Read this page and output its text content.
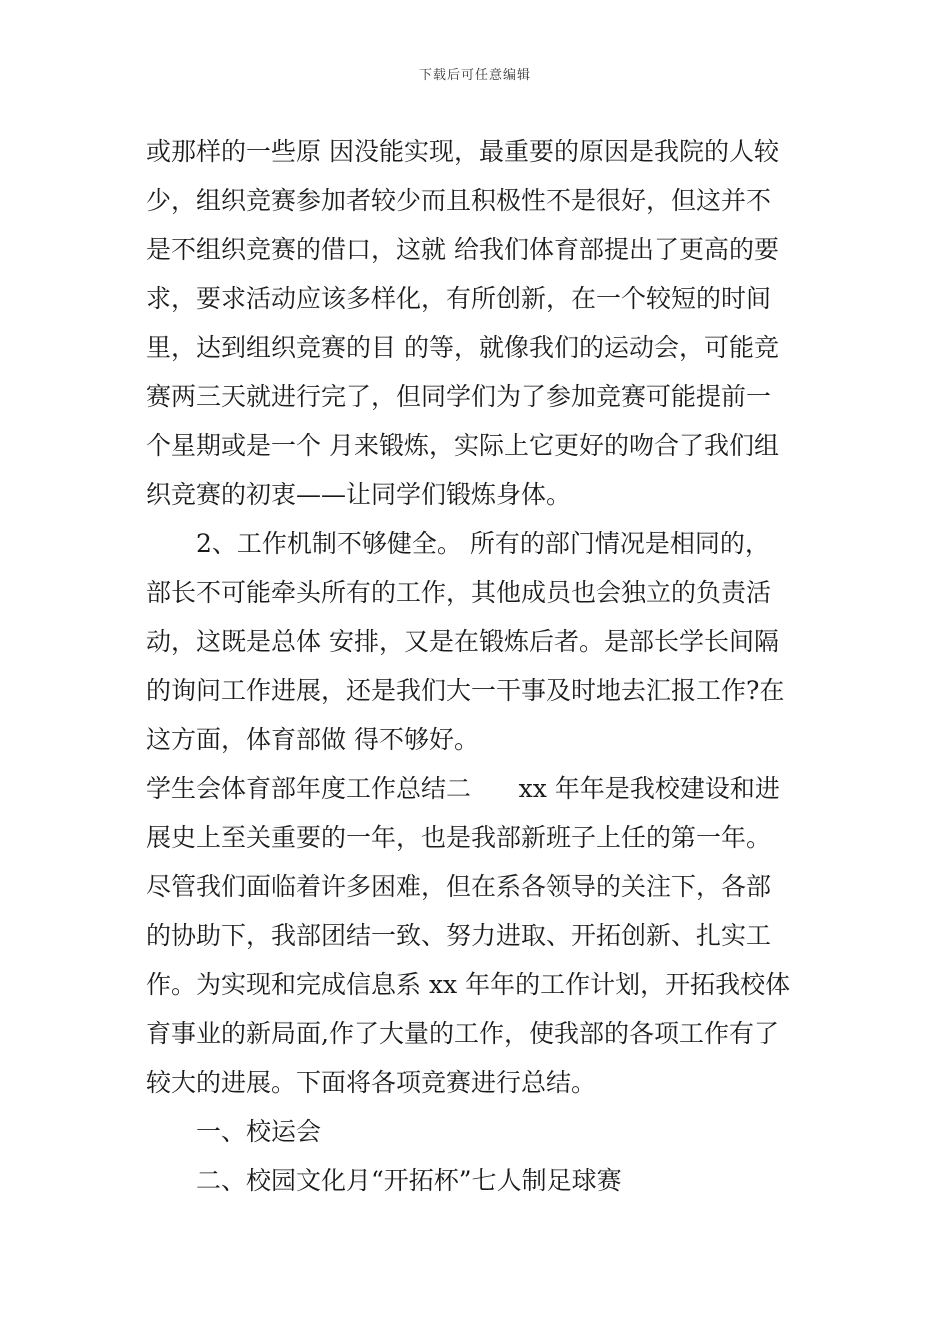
下载后可任意编辑
或那样的一些原 因没能实现，最重要的原因是我院的人较
少，组织竞赛参加者较少而且积极性不是很好，但这并不
是不组织竞赛的借口，这就 给我们体育部提出了更高的要
求，要求活动应该多样化，有所创新，在一个较短的时间
里，达到组织竞赛的目 的等，就像我们的运动会，可能竞
赛两三天就进行完了，但同学们为了参加竞赛可能提前一
个星期或是一个 月来锻炼，实际上它更好的吻合了我们组
织竞赛的初衷——让同学们锻炼身体。
2、工作机制不够健全。 所有的部门情况是相同的，
部长不可能牵头所有的工作，其他成员也会独立的负责活
动，这既是总体 安排，又是在锻炼后者。是部长学长间隔
的询问工作进展，还是我们大一干事及时地去汇报工作?在
这方面，体育部做 得不够好。
学生会体育部年度工作总结二      xx 年年是我校建设和进
展史上至关重要的一年，也是我部新班子上任的第一年。
尽管我们面临着许多困难，但在系各领导的关注下，各部
的协助下，我部团结一致、努力进取、开拓创新、扎实工
作。为实现和完成信息系 xx 年年的工作计划，开拓我校体
育事业的新局面,作了大量的工作，使我部的各项工作有了
较大的进展。下面将各项竞赛进行总结。
一、校运会
二、校园文化月“开拓杯”七人制足球赛
